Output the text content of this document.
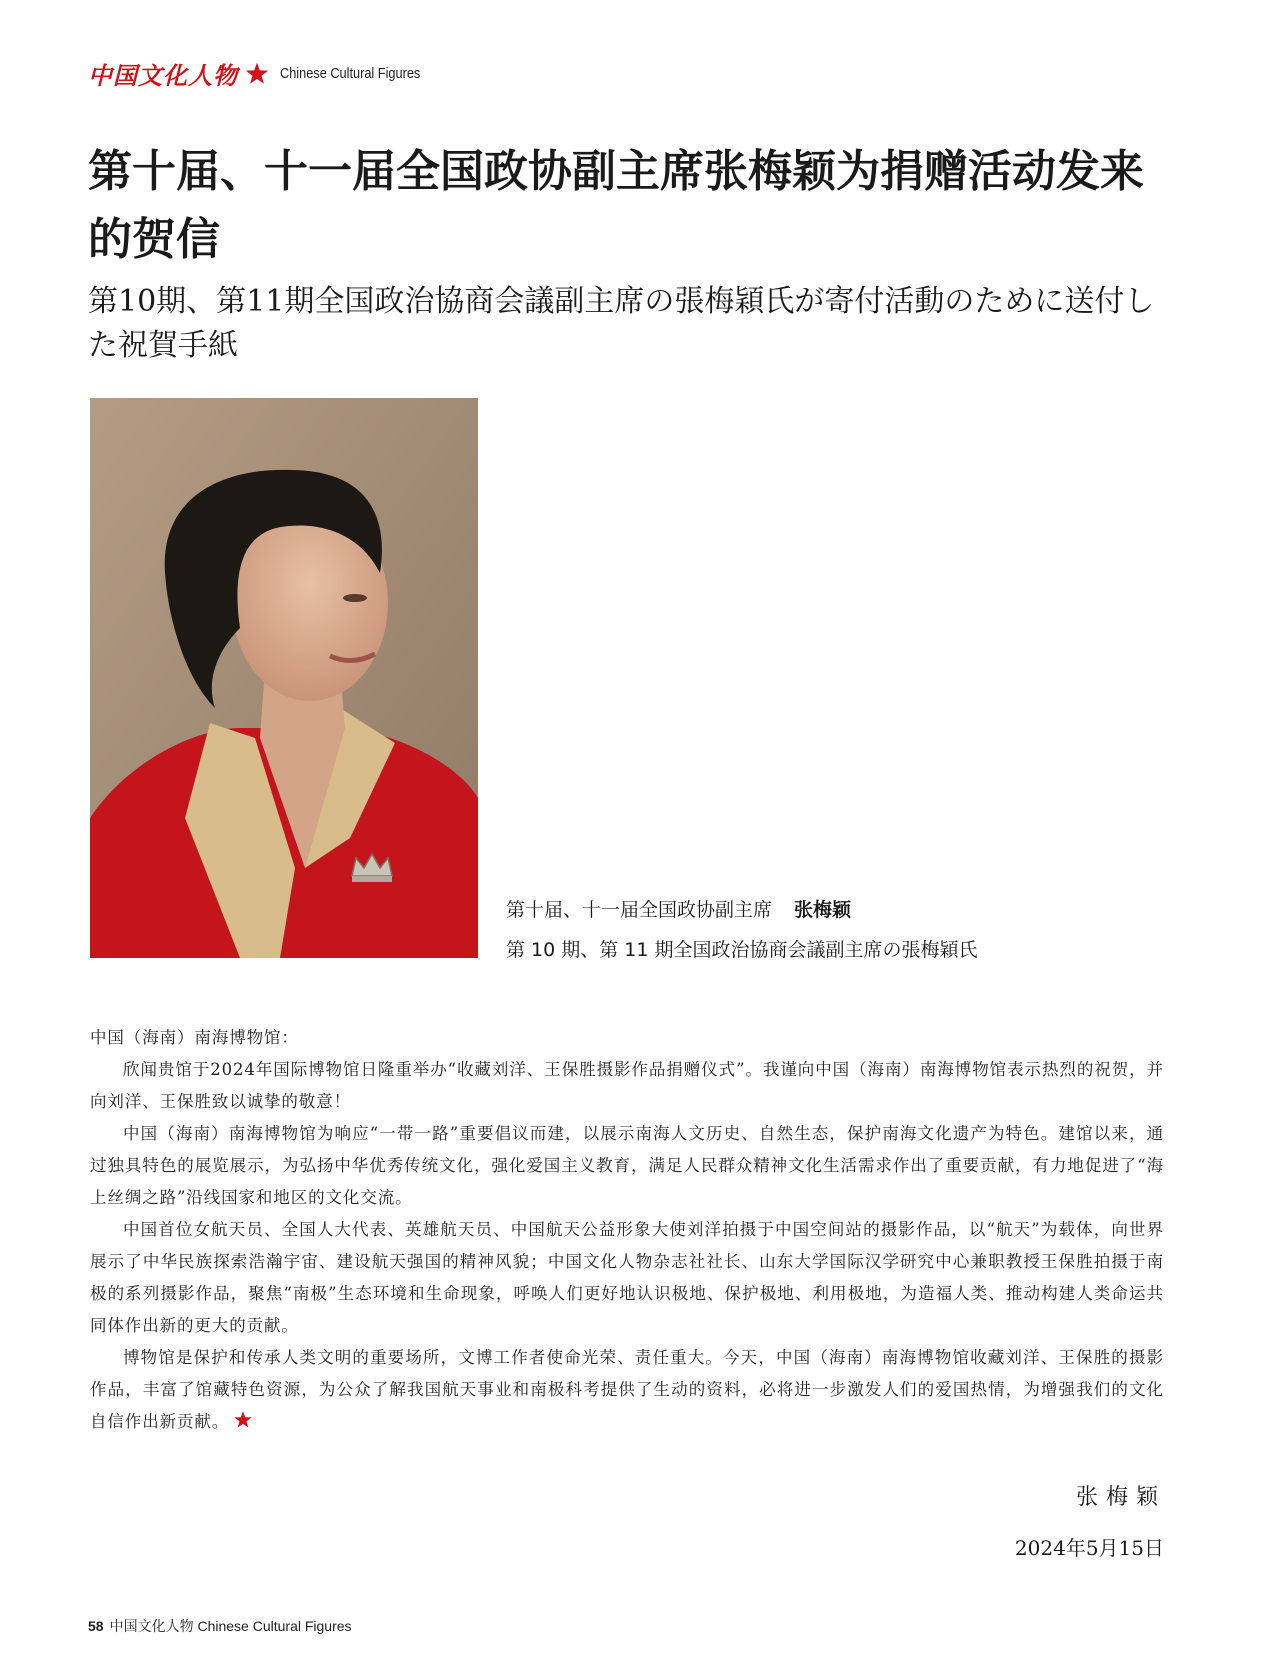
中国文化人物	Chinese Cultural Figures
第十届、十一届全国政协副主席张梅颖为捐赠活动发来的贺信

第10期、第11期全国政治協商会議副主席の張梅穎氏が寄付活動のために送付した祝賀手紙

第十届、十一届全国政协副主席 张梅颖
第 10 期、第 11 期全国政治協商会議副主席の張梅穎氏

中国（海南）南海博物馆：

欣闻贵馆于2024年国际博物馆日隆重举办“收藏刘洋、王保胜摄影作品捐赠仪式”。我谨向中国（海南）南海博物馆表示热烈的祝贺，并向刘洋、王保胜致以诚挚的敬意！

中国（海南）南海博物馆为响应“一带一路”重要倡议而建，以展示南海人文历史、自然生态，保护南海文化遗产为特色。建馆以来，通过独具特色的展览展示，为弘扬中华优秀传统文化，强化爱国主义教育，满足人民群众精神文化生活需求作出了重要贡献，有力地促进了“海上丝绸之路”沿线国家和地区的文化交流。

中国首位女航天员、全国人大代表、英雄航天员、中国航天公益形象大使刘洋拍摄于中国空间站的摄影作品，以“航天”为载体，向世界展示了中华民族探索浩瀚宇宙、建设航天强国的精神风貌；中国文化人物杂志社社长、山东大学国际汉学研究中心兼职教授王保胜拍摄于南极的系列摄影作品，聚焦“南极”生态环境和生命现象，呼唤人们更好地认识极地、保护极地、利用极地，为造福人类、推动构建人类命运共同体作出新的更大的贡献。

博物馆是保护和传承人类文明的重要场所，文博工作者使命光荣、责任重大。今天，中国（海南）南海博物馆收藏刘洋、王保胜的摄影作品，丰富了馆藏特色资源，为公众了解我国航天事业和南极科考提供了生动的资料，必将进一步激发人们的爱国热情，为增强我们的文化自信作出新贡献。

张梅颖
2024年5月15日
58 中国文化人物 Chinese Cultural Figures
